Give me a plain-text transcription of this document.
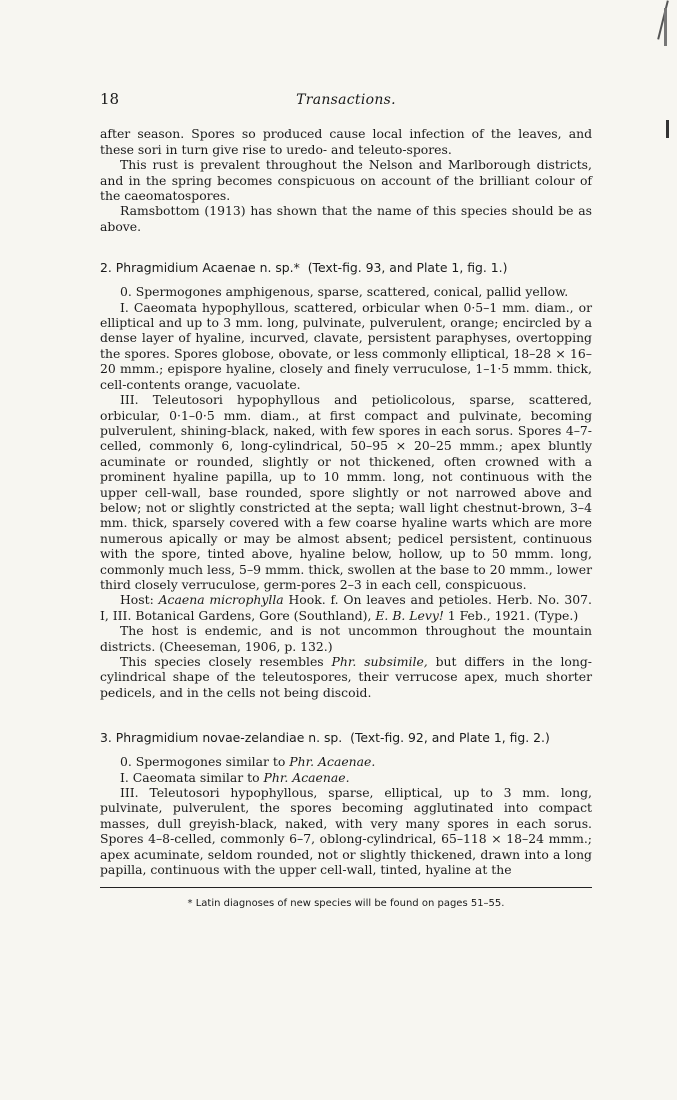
18	Transactions.

after season. Spores so produced cause local infection of the leaves, and these sori in turn give rise to uredo- and teleuto-spores.

This rust is prevalent throughout the Nelson and Marlborough districts, and in the spring becomes conspicuous on account of the brilliant colour of the caeomatospores.

Ramsbottom (1913) has shown that the name of this species should be as above.

2. Phragmidium Acaenae n. sp.* (Text-fig. 93, and Plate 1, fig. 1.)

0. Spermogones amphigenous, sparse, scattered, conical, pallid yellow.

I. Caeomata hypophyllous, scattered, orbicular when 0·5–1 mm. diam., or elliptical and up to 3 mm. long, pulvinate, pulverulent, orange; encircled by a dense layer of hyaline, incurved, clavate, persistent paraphyses, overtopping the spores. Spores globose, obovate, or less commonly elliptical, 18–28 × 16–20 mmm.; epispore hyaline, closely and finely verruculose, 1–1·5 mmm. thick, cell-contents orange, vacuolate.

III. Teleutosori hypophyllous and petiolicolous, sparse, scattered, orbicular, 0·1–0·5 mm. diam., at first compact and pulvinate, becoming pulverulent, shining-black, naked, with few spores in each sorus. Spores 4–7-celled, commonly 6, long-cylindrical, 50–95 × 20–25 mmm.; apex bluntly acuminate or rounded, slightly or not thickened, often crowned with a prominent hyaline papilla, up to 10 mmm. long, not continuous with the upper cell-wall, base rounded, spore slightly or not narrowed above and below; not or slightly constricted at the septa; wall light chestnut-brown, 3–4 mm. thick, sparsely covered with a few coarse hyaline warts which are more numerous apically or may be almost absent; pedicel persistent, continuous with the spore, tinted above, hyaline below, hollow, up to 50 mmm. long, commonly much less, 5–9 mmm. thick, swollen at the base to 20 mmm., lower third closely verruculose, germ-pores 2–3 in each cell, conspicuous.

Host: Acaena microphylla Hook. f. On leaves and petioles. Herb. No. 307. I, III. Botanical Gardens, Gore (Southland), E. B. Levy! 1 Feb., 1921. (Type.)

The host is endemic, and is not uncommon throughout the mountain districts. (Cheeseman, 1906, p. 132.)

This species closely resembles Phr. subsimile, but differs in the long-cylindrical shape of the teleutospores, their verrucose apex, much shorter pedicels, and in the cells not being discoid.

3. Phragmidium novae-zelandiae n. sp. (Text-fig. 92, and Plate 1, fig. 2.)

0. Spermogones similar to Phr. Acaenae.

I. Caeomata similar to Phr. Acaenae.

III. Teleutosori hypophyllous, sparse, elliptical, up to 3 mm. long, pulvinate, pulverulent, the spores becoming agglutinated into compact masses, dull greyish-black, naked, with very many spores in each sorus. Spores 4–8-celled, commonly 6–7, oblong-cylindrical, 65–118 × 18–24 mmm.; apex acuminate, seldom rounded, not or slightly thickened, drawn into a long papilla, continuous with the upper cell-wall, tinted, hyaline at the

* Latin diagnoses of new species will be found on pages 51–55.
